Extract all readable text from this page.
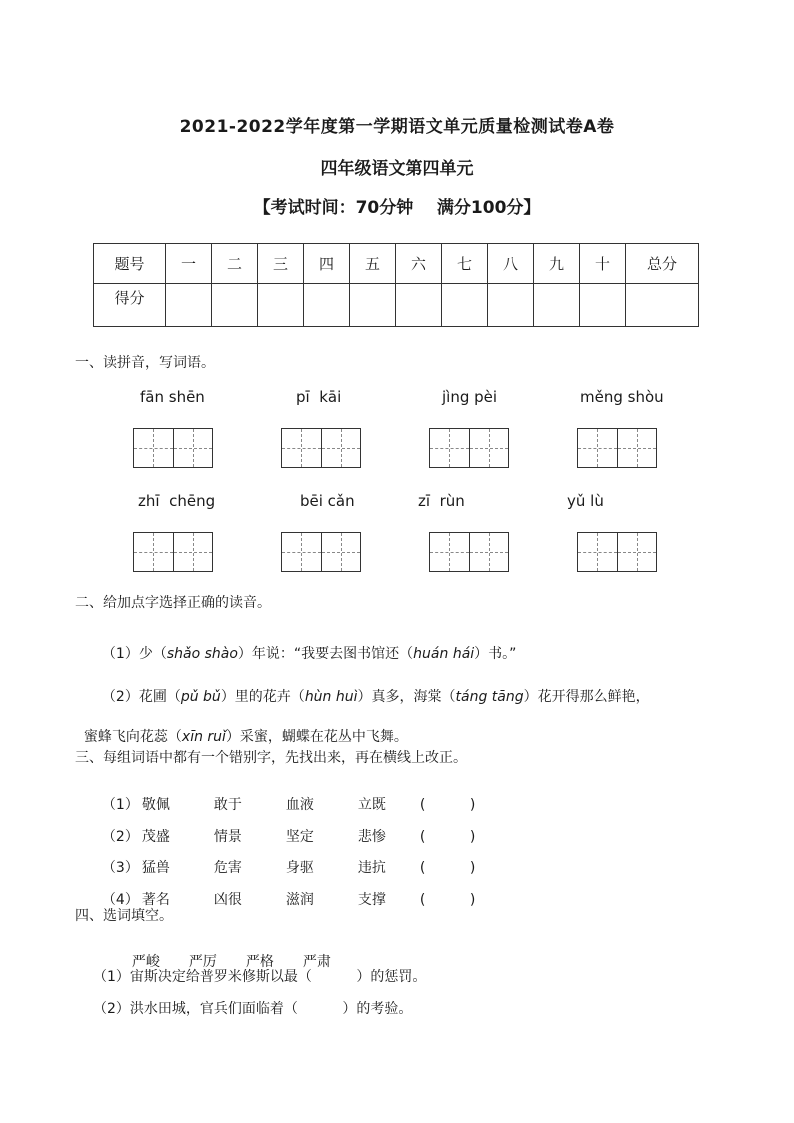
2021-2022学年度第一学期语文单元质量检测试卷A卷
四年级语文第四单元
【考试时间：70分钟    满分100分】
题号	一	二	三	四	五	六	七	八	九	十	总分
得分											
一、读拼音，写词语。
fān shēn	pī  kāi	jìng pèi	měng shòu
zhī  chēng	bēi cǎn	zī  rùn	yǔ lù
二、给加点字选择正确的读音。

（1）少（shǎo shào）年说：“我要去图书馆还（huán hái）书。”

（2）花圃（pǔ bǔ）里的花卉（hùn huì）真多，海棠（táng tāng）花开得那么鲜艳，

蜜蜂飞向花蕊（xīn ruǐ）采蜜，蝴蝶在花丛中飞舞。

三、每组词语中都有一个错别字，先找出来，再在横线上改正。

（1） 敬佩	敢于	血液	立既 (          )

（2） 茂盛	情景	坚定	悲惨 (          )

（3） 猛兽	危害	身驱	违抗 (          )

（4） 著名	凶很	滋润	支撑 (          )

四、选词填空。

严峻 严厉 严格 严肃

（1）宙斯决定给普罗米修斯以最（          ）的惩罚。
（2）洪水田城，官兵们面临着（          ）的考验。
